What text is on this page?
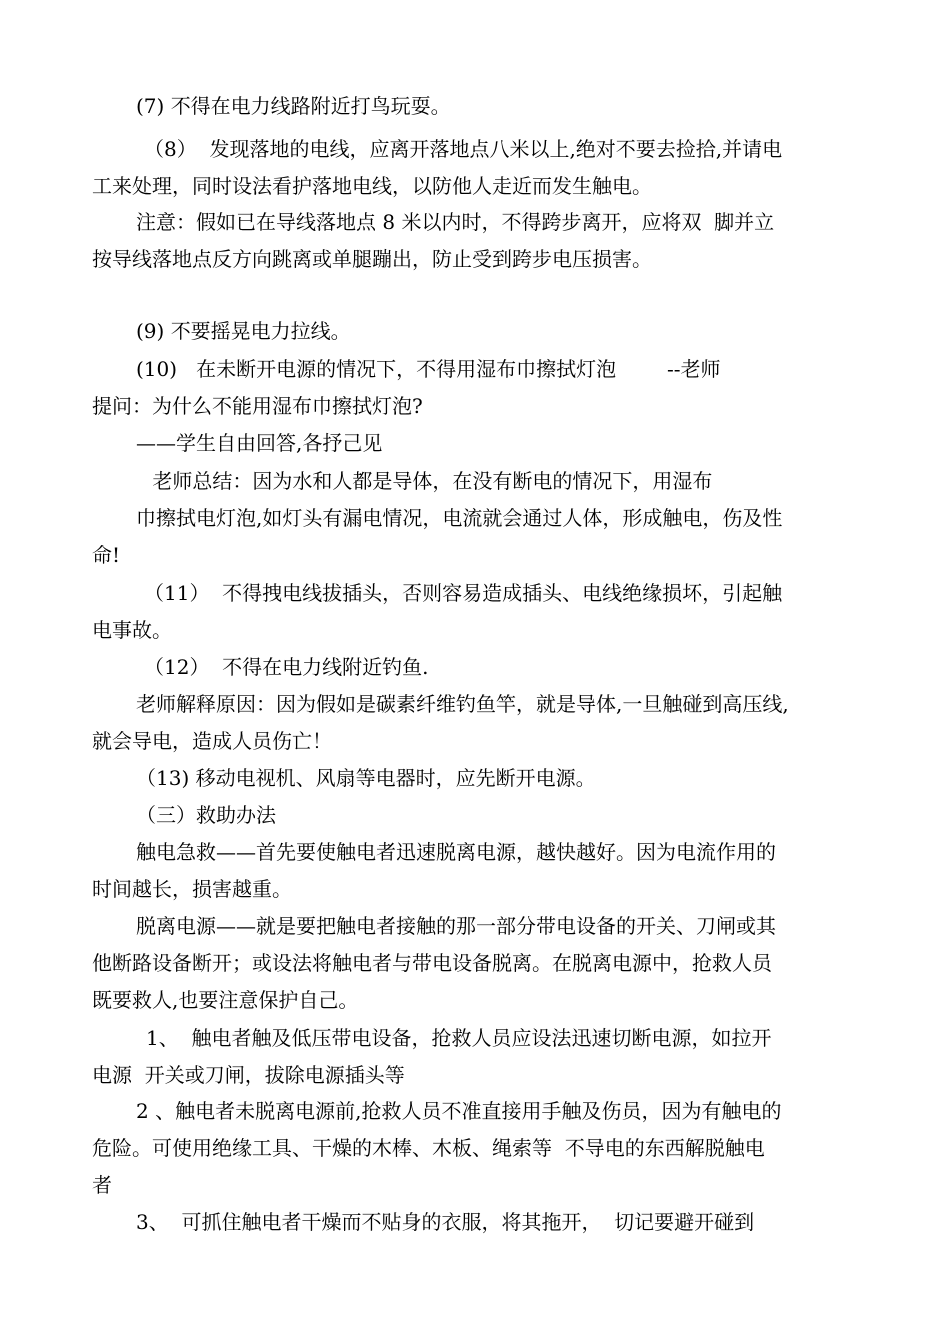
(7) 不得在电力线路附近打鸟玩耍。

（8）  发现落地的电线，应离开落地点八米以上,绝对不要去捡拾,并请电
工来处理，同时设法看护落地电线，以防他人走近而发生触电。

注意：假如已在导线落地点 8 米以内时，不得跨步离开，应将双  脚并立
按导线落地点反方向跳离或单腿蹦出，防止受到跨步电压损害。

(9) 不要摇晃电力拉线。

(10)   在未断开电源的情况下，不得用湿布巾擦拭灯泡        --老师
提问：为什么不能用湿布巾擦拭灯泡?

——学生自由回答,各抒己见

老师总结：因为水和人都是导体，在没有断电的情况下，用湿布
巾擦拭电灯泡,如灯头有漏电情况，电流就会通过人体，形成触电，伤及性
命!

（11）  不得拽电线拔插头，否则容易造成插头、电线绝缘损坏，引起触
电事故。

（12）  不得在电力线附近钓鱼.

老师解释原因：因为假如是碳素纤维钓鱼竿，就是导体,一旦触碰到高压线,
就会导电，造成人员伤亡！

（13) 移动电视机、风扇等电器时，应先断开电源。

（三）救助办法

触电急救——首先要使触电者迅速脱离电源，越快越好。因为电流作用的
时间越长，损害越重。

脱离电源——就是要把触电者接触的那一部分带电设备的开关、刀闸或其
他断路设备断开；或设法将触电者与带电设备脱离。在脱离电源中，抢救人员
既要救人,也要注意保护自己。

1、  触电者触及低压带电设备，抢救人员应设法迅速切断电源，如拉开
电源  开关或刀闸，拔除电源插头等

2 、触电者未脱离电源前,抢救人员不准直接用手触及伤员，因为有触电的
危险。可使用绝缘工具、干燥的木棒、木板、绳索等  不导电的东西解脱触电
者

3、  可抓住触电者干燥而不贴身的衣服，将其拖开，  切记要避开碰到
